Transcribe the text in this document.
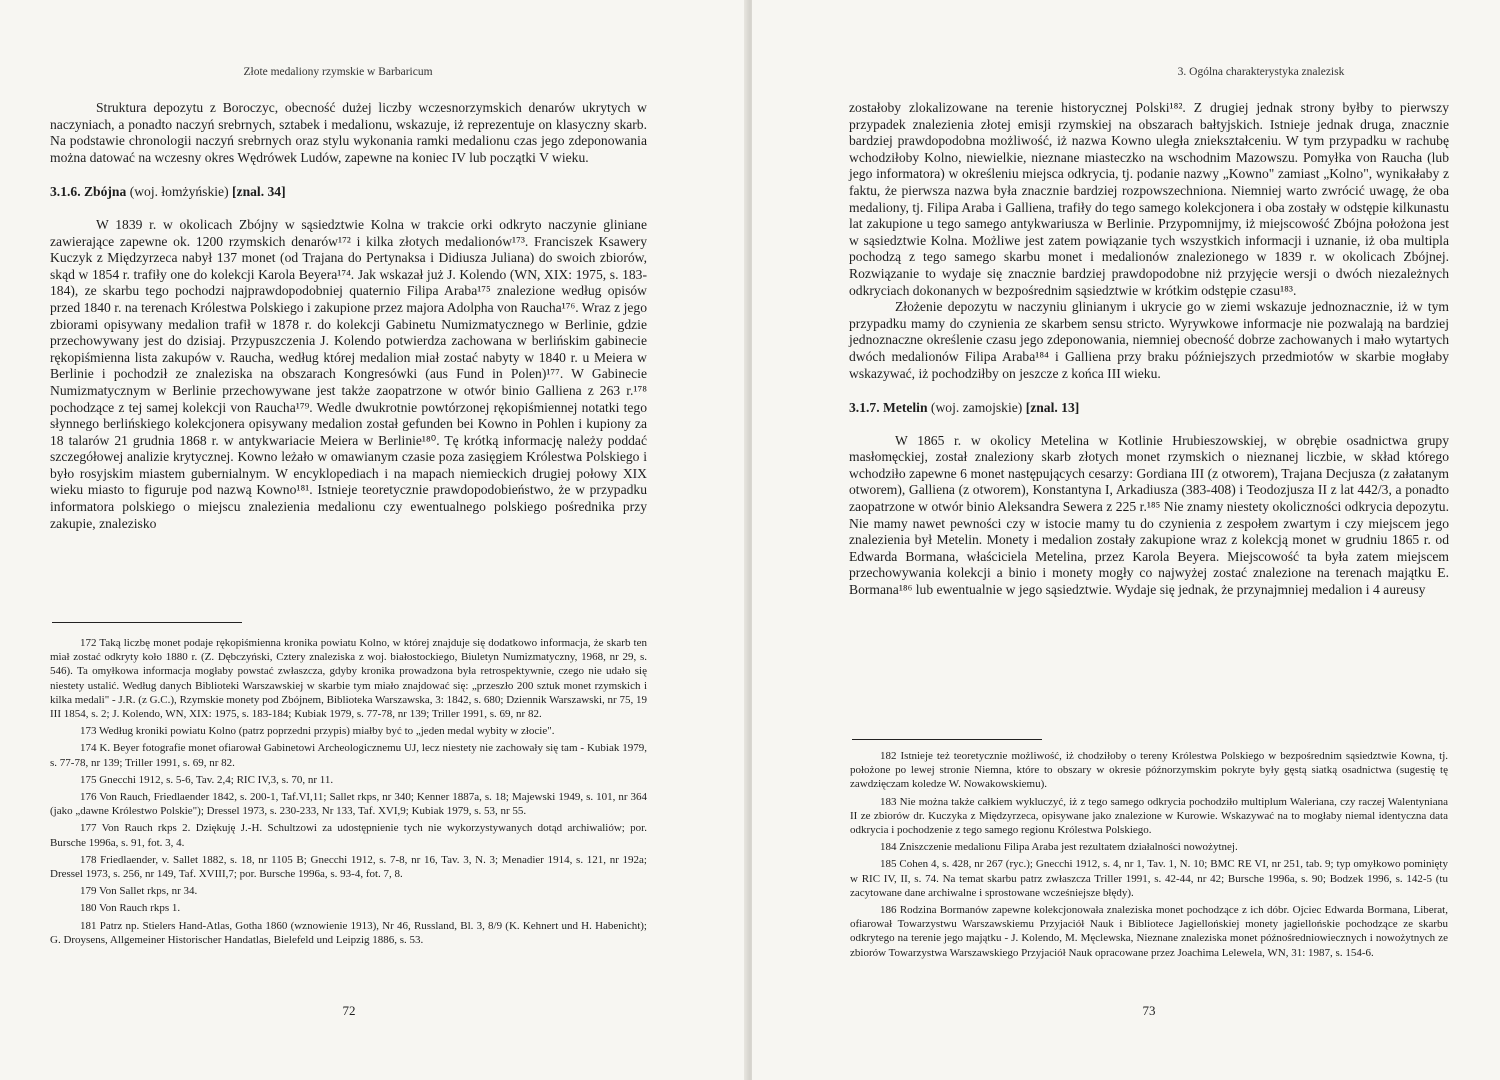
Złote medaliony rzymskie w Barbaricum

Struktura depozytu z Boroczyc, obecność dużej liczby wczesnorzymskich denarów ukrytych w naczyniach, a ponadto naczyń srebrnych, sztabek i medalionu, wskazuje, iż reprezentuje on klasyczny skarb. Na podstawie chronologii naczyń srebrnych oraz stylu wykonania ramki medalionu czas jego zdeponowania można datować na wczesny okres Wędrówek Ludów, zapewne na koniec IV lub początki V wieku.

3.1.6. Zbójna (woj. łomżyńskie) [znal. 34]

W 1839 r. w okolicach Zbójny w sąsiedztwie Kolna w trakcie orki odkryto naczynie gliniane zawierające zapewne ok. 1200 rzymskich denarów¹⁷² i kilka złotych medalionów¹⁷³. Franciszek Ksawery Kuczyk z Międzyrzeca nabył 137 monet (od Trajana do Pertynaksa i Didiusza Juliana) do swoich zbiorów, skąd w 1854 r. trafiły one do kolekcji Karola Beyera¹⁷⁴. Jak wskazał już J. Kolendo (WN, XIX: 1975, s. 183-184), ze skarbu tego pochodzi najprawdopodobniej quaternio Filipa Araba¹⁷⁵ znalezione według opisów przed 1840 r. na terenach Królestwa Polskiego i zakupione przez majora Adolpha von Raucha¹⁷⁶. Wraz z jego zbiorami opisywany medalion trafił w 1878 r. do kolekcji Gabinetu Numizmatycznego w Berlinie, gdzie przechowywany jest do dzisiaj. Przypuszczenia J. Kolendo potwierdza zachowana w berlińskim gabinecie rękopiśmienna lista zakupów v. Raucha, według której medalion miał zostać nabyty w 1840 r. u Meiera w Berlinie i pochodził ze znaleziska na obszarach Kongresówki (aus Fund in Polen)¹⁷⁷. W Gabinecie Numizmatycznym w Berlinie przechowywane jest także zaopatrzone w otwór binio Galliena z 263 r.¹⁷⁸ pochodzące z tej samej kolekcji von Raucha¹⁷⁹. Wedle dwukrotnie powtórzonej rękopiśmiennej notatki tego słynnego berlińskiego kolekcjonera opisywany medalion został gefunden bei Kowno in Pohlen i kupiony za 18 talarów 21 grudnia 1868 r. w antykwariacie Meiera w Berlinie¹⁸⁰. Tę krótką informację należy poddać szczegółowej analizie krytycznej. Kowno leżało w omawianym czasie poza zasięgiem Królestwa Polskiego i było rosyjskim miastem gubernialnym. W encyklopediach i na mapach niemieckich drugiej połowy XIX wieku miasto to figuruje pod nazwą Kowno¹⁸¹. Istnieje teoretycznie prawdopodobieństwo, że w przypadku informatora polskiego o miejscu znalezienia medalionu czy ewentualnego polskiego pośrednika przy zakupie, znalezisko

172 Taką liczbę monet podaje rękopiśmienna kronika powiatu Kolno, w której znajduje się dodatkowo informacja, że skarb ten miał zostać odkryty koło 1880 r. (Z. Dębczyński, Cztery znaleziska z woj. białostockiego, Biuletyn Numizmatyczny, 1968, nr 29, s. 546). Ta omyłkowa informacja mogłaby powstać zwłaszcza, gdyby kronika prowadzona była retrospektywnie, czego nie udało się niestety ustalić. Według danych Biblioteki Warszawskiej w skarbie tym miało znajdować się: „przeszło 200 sztuk monet rzymskich i kilka medali" - J.R. (z G.C.), Rzymskie monety pod Zbójnem, Biblioteka Warszawska, 3: 1842, s. 680; Dziennik Warszawski, nr 75, 19 III 1854, s. 2; J. Kolendo, WN, XIX: 1975, s. 183-184; Kubiak 1979, s. 77-78, nr 139; Triller 1991, s. 69, nr 82.
173 Według kroniki powiatu Kolno (patrz poprzedni przypis) miałby być to „jeden medal wybity w złocie".
174 K. Beyer fotografie monet ofiarował Gabinetowi Archeologicznemu UJ, lecz niestety nie zachowały się tam - Kubiak 1979, s. 77-78, nr 139; Triller 1991, s. 69, nr 82.
175 Gnecchi 1912, s. 5-6, Tav. 2,4; RIC IV,3, s. 70, nr 11.
176 Von Rauch, Friedlaender 1842, s. 200-1, Taf.VI,11; Sallet rkps, nr 340; Kenner 1887a, s. 18; Majewski 1949, s. 101, nr 364 (jako „dawne Królestwo Polskie"); Dressel 1973, s. 230-233, Nr 133, Taf. XVI,9; Kubiak 1979, s. 53, nr 55.
177 Von Rauch rkps 2. Dziękuję J.-H. Schultzowi za udostępnienie tych nie wykorzystywanych dotąd archiwaliów; por. Bursche 1996a, s. 91, fot. 3, 4.
178 Friedlaender, v. Sallet 1882, s. 18, nr 1105 B; Gnecchi 1912, s. 7-8, nr 16, Tav. 3, N. 3; Menadier 1914, s. 121, nr 192a; Dressel 1973, s. 256, nr 149, Taf. XVIII,7; por. Bursche 1996a, s. 93-4, fot. 7, 8.
179 Von Sallet rkps, nr 34.
180 Von Rauch rkps 1.
181 Patrz np. Stielers Hand-Atlas, Gotha 1860 (wznowienie 1913), Nr 46, Russland, Bl. 3, 8/9 (K. Kehnert und H. Habenicht); G. Droysens, Allgemeiner Historischer Handatlas, Bielefeld und Leipzig 1886, s. 53.
72
3. Ogólna charakterystyka znalezisk

zostałoby zlokalizowane na terenie historycznej Polski¹⁸². Z drugiej jednak strony byłby to pierwszy przypadek znalezienia złotej emisji rzymskiej na obszarach bałtyjskich. Istnieje jednak druga, znacznie bardziej prawdopodobna możliwość, iż nazwa Kowno uległa zniekształceniu. W tym przypadku w rachubę wchodziłoby Kolno, niewielkie, nieznane miasteczko na wschodnim Mazowszu. Pomyłka von Raucha (lub jego informatora) w określeniu miejsca odkrycia, tj. podanie nazwy „Kowno" zamiast „Kolno", wynikałaby z faktu, że pierwsza nazwa była znacznie bardziej rozpowszechniona. Niemniej warto zwrócić uwagę, że oba medaliony, tj. Filipa Araba i Galliena, trafiły do tego samego kolekcjonera i oba zostały w odstępie kilkunastu lat zakupione u tego samego antykwariusza w Berlinie. Przypomnijmy, iż miejscowość Zbójna położona jest w sąsiedztwie Kolna. Możliwe jest zatem powiązanie tych wszystkich informacji i uznanie, iż oba multipla pochodzą z tego samego skarbu monet i medalionów znalezionego w 1839 r. w okolicach Zbójnej. Rozwiązanie to wydaje się znacznie bardziej prawdopodobne niż przyjęcie wersji o dwóch niezależnych odkryciach dokonanych w bezpośrednim sąsiedztwie w krótkim odstępie czasu¹⁸³.

Złożenie depozytu w naczyniu glinianym i ukrycie go w ziemi wskazuje jednoznacznie, iż w tym przypadku mamy do czynienia ze skarbem sensu stricto. Wyrywkowe informacje nie pozwalają na bardziej jednoznaczne określenie czasu jego zdeponowania, niemniej obecność dobrze zachowanych i mało wytartych dwóch medalionów Filipa Araba¹⁸⁴ i Galliena przy braku późniejszych przedmiotów w skarbie mogłaby wskazywać, iż pochodziłby on jeszcze z końca III wieku.

3.1.7. Metelin (woj. zamojskie) [znal. 13]

W 1865 r. w okolicy Metelina w Kotlinie Hrubieszowskiej, w obrębie osadnictwa grupy masłomęckiej, został znaleziony skarb złotych monet rzymskich o nieznanej liczbie, w skład którego wchodziło zapewne 6 monet następujących cesarzy: Gordiana III (z otworem), Trajana Decjusza (z załatanym otworem), Galliena (z otworem), Konstantyna I, Arkadiusza (383-408) i Teodozjusza II z lat 442/3, a ponadto zaopatrzone w otwór binio Aleksandra Sewera z 225 r.¹⁸⁵ Nie znamy niestety okoliczności odkrycia depozytu. Nie mamy nawet pewności czy w istocie mamy tu do czynienia z zespołem zwartym i czy miejscem jego znalezienia był Metelin. Monety i medalion zostały zakupione wraz z kolekcją monet w grudniu 1865 r. od Edwarda Bormana, właściciela Metelina, przez Karola Beyera. Miejscowość ta była zatem miejscem przechowywania kolekcji a binio i monety mogły co najwyżej zostać znalezione na terenach majątku E. Bormana¹⁸⁶ lub ewentualnie w jego sąsiedztwie. Wydaje się jednak, że przynajmniej medalion i 4 aureusy

182 Istnieje też teoretycznie możliwość, iż chodziłoby o tereny Królestwa Polskiego w bezpośrednim sąsiedztwie Kowna, tj. położone po lewej stronie Niemna, które to obszary w okresie późnorzymskim pokryte były gęstą siatką osadnictwa (sugestię tę zawdzięczam koledze W. Nowakowskiemu).
183 Nie można także całkiem wykluczyć, iż z tego samego odkrycia pochodziło multiplum Waleriana, czy raczej Walentyniana II ze zbiorów dr. Kuczyka z Międzyrzeca, opisywane jako znalezione w Kurowie. Wskazywać na to mogłaby niemal identyczna data odkrycia i pochodzenie z tego samego regionu Królestwa Polskiego.
184 Zniszczenie medalionu Filipa Araba jest rezultatem działalności nowożytnej.
185 Cohen 4, s. 428, nr 267 (ryc.); Gnecchi 1912, s. 4, nr 1, Tav. 1, N. 10; BMC RE VI, nr 251, tab. 9; typ omyłkowo pominięty w RIC IV, II, s. 74. Na temat skarbu patrz zwłaszcza Triller 1991, s. 42-44, nr 42; Bursche 1996a, s. 90; Bodzek 1996, s. 142-5 (tu zacytowane dane archiwalne i sprostowane wcześniejsze błędy).
186 Rodzina Bormanów zapewne kolekcjonowała znaleziska monet pochodzące z ich dóbr. Ojciec Edwarda Bormana, Liberat, ofiarował Towarzystwu Warszawskiemu Przyjaciół Nauk i Bibliotece Jagiellońskiej monety jagiellońskie pochodzące ze skarbu odkrytego na terenie jego majątku - J. Kolendo, M. Męclewska, Nieznane znaleziska monet późnośredniowiecznych i nowożytnych ze zbiorów Towarzystwa Warszawskiego Przyjaciół Nauk opracowane przez Joachima Lelewela, WN, 31: 1987, s. 154-6.
73
